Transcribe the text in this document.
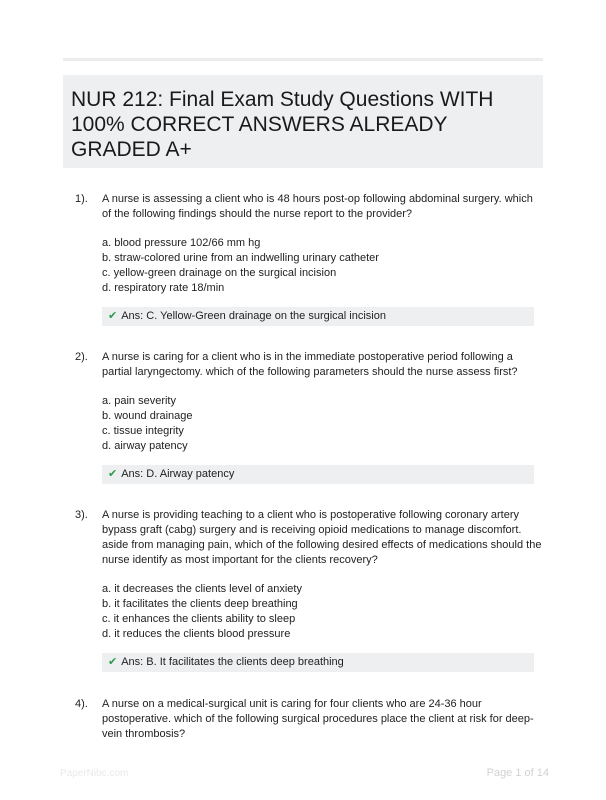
NUR 212: Final Exam Study Questions WITH 100% CORRECT ANSWERS ALREADY GRADED A+
1). A nurse is assessing a client who is 48 hours post-op following abdominal surgery. which of the following findings should the nurse report to the provider?
a. blood pressure 102/66 mm hg
b. straw-colored urine from an indwelling urinary catheter
c. yellow-green drainage on the surgical incision
d. respiratory rate 18/min
✔ Ans: C. Yellow-Green drainage on the surgical incision
2). A nurse is caring for a client who is in the immediate postoperative period following a partial laryngectomy. which of the following parameters should the nurse assess first?
a. pain severity
b. wound drainage
c. tissue integrity
d. airway patency
✔ Ans: D. Airway patency
3). A nurse is providing teaching to a client who is postoperative following coronary artery bypass graft (cabg) surgery and is receiving opioid medications to manage discomfort. aside from managing pain, which of the following desired effects of medications should the nurse identify as most important for the clients recovery?
a. it decreases the clients level of anxiety
b. it facilitates the clients deep breathing
c. it enhances the clients ability to sleep
d. it reduces the clients blood pressure
✔ Ans: B. It facilitates the clients deep breathing
4). A nurse on a medical-surgical unit is caring for four clients who are 24-36 hour postoperative. which of the following surgical procedures place the client at risk for deep-vein thrombosis?
PaperNibc.com	Page 1 of 14
